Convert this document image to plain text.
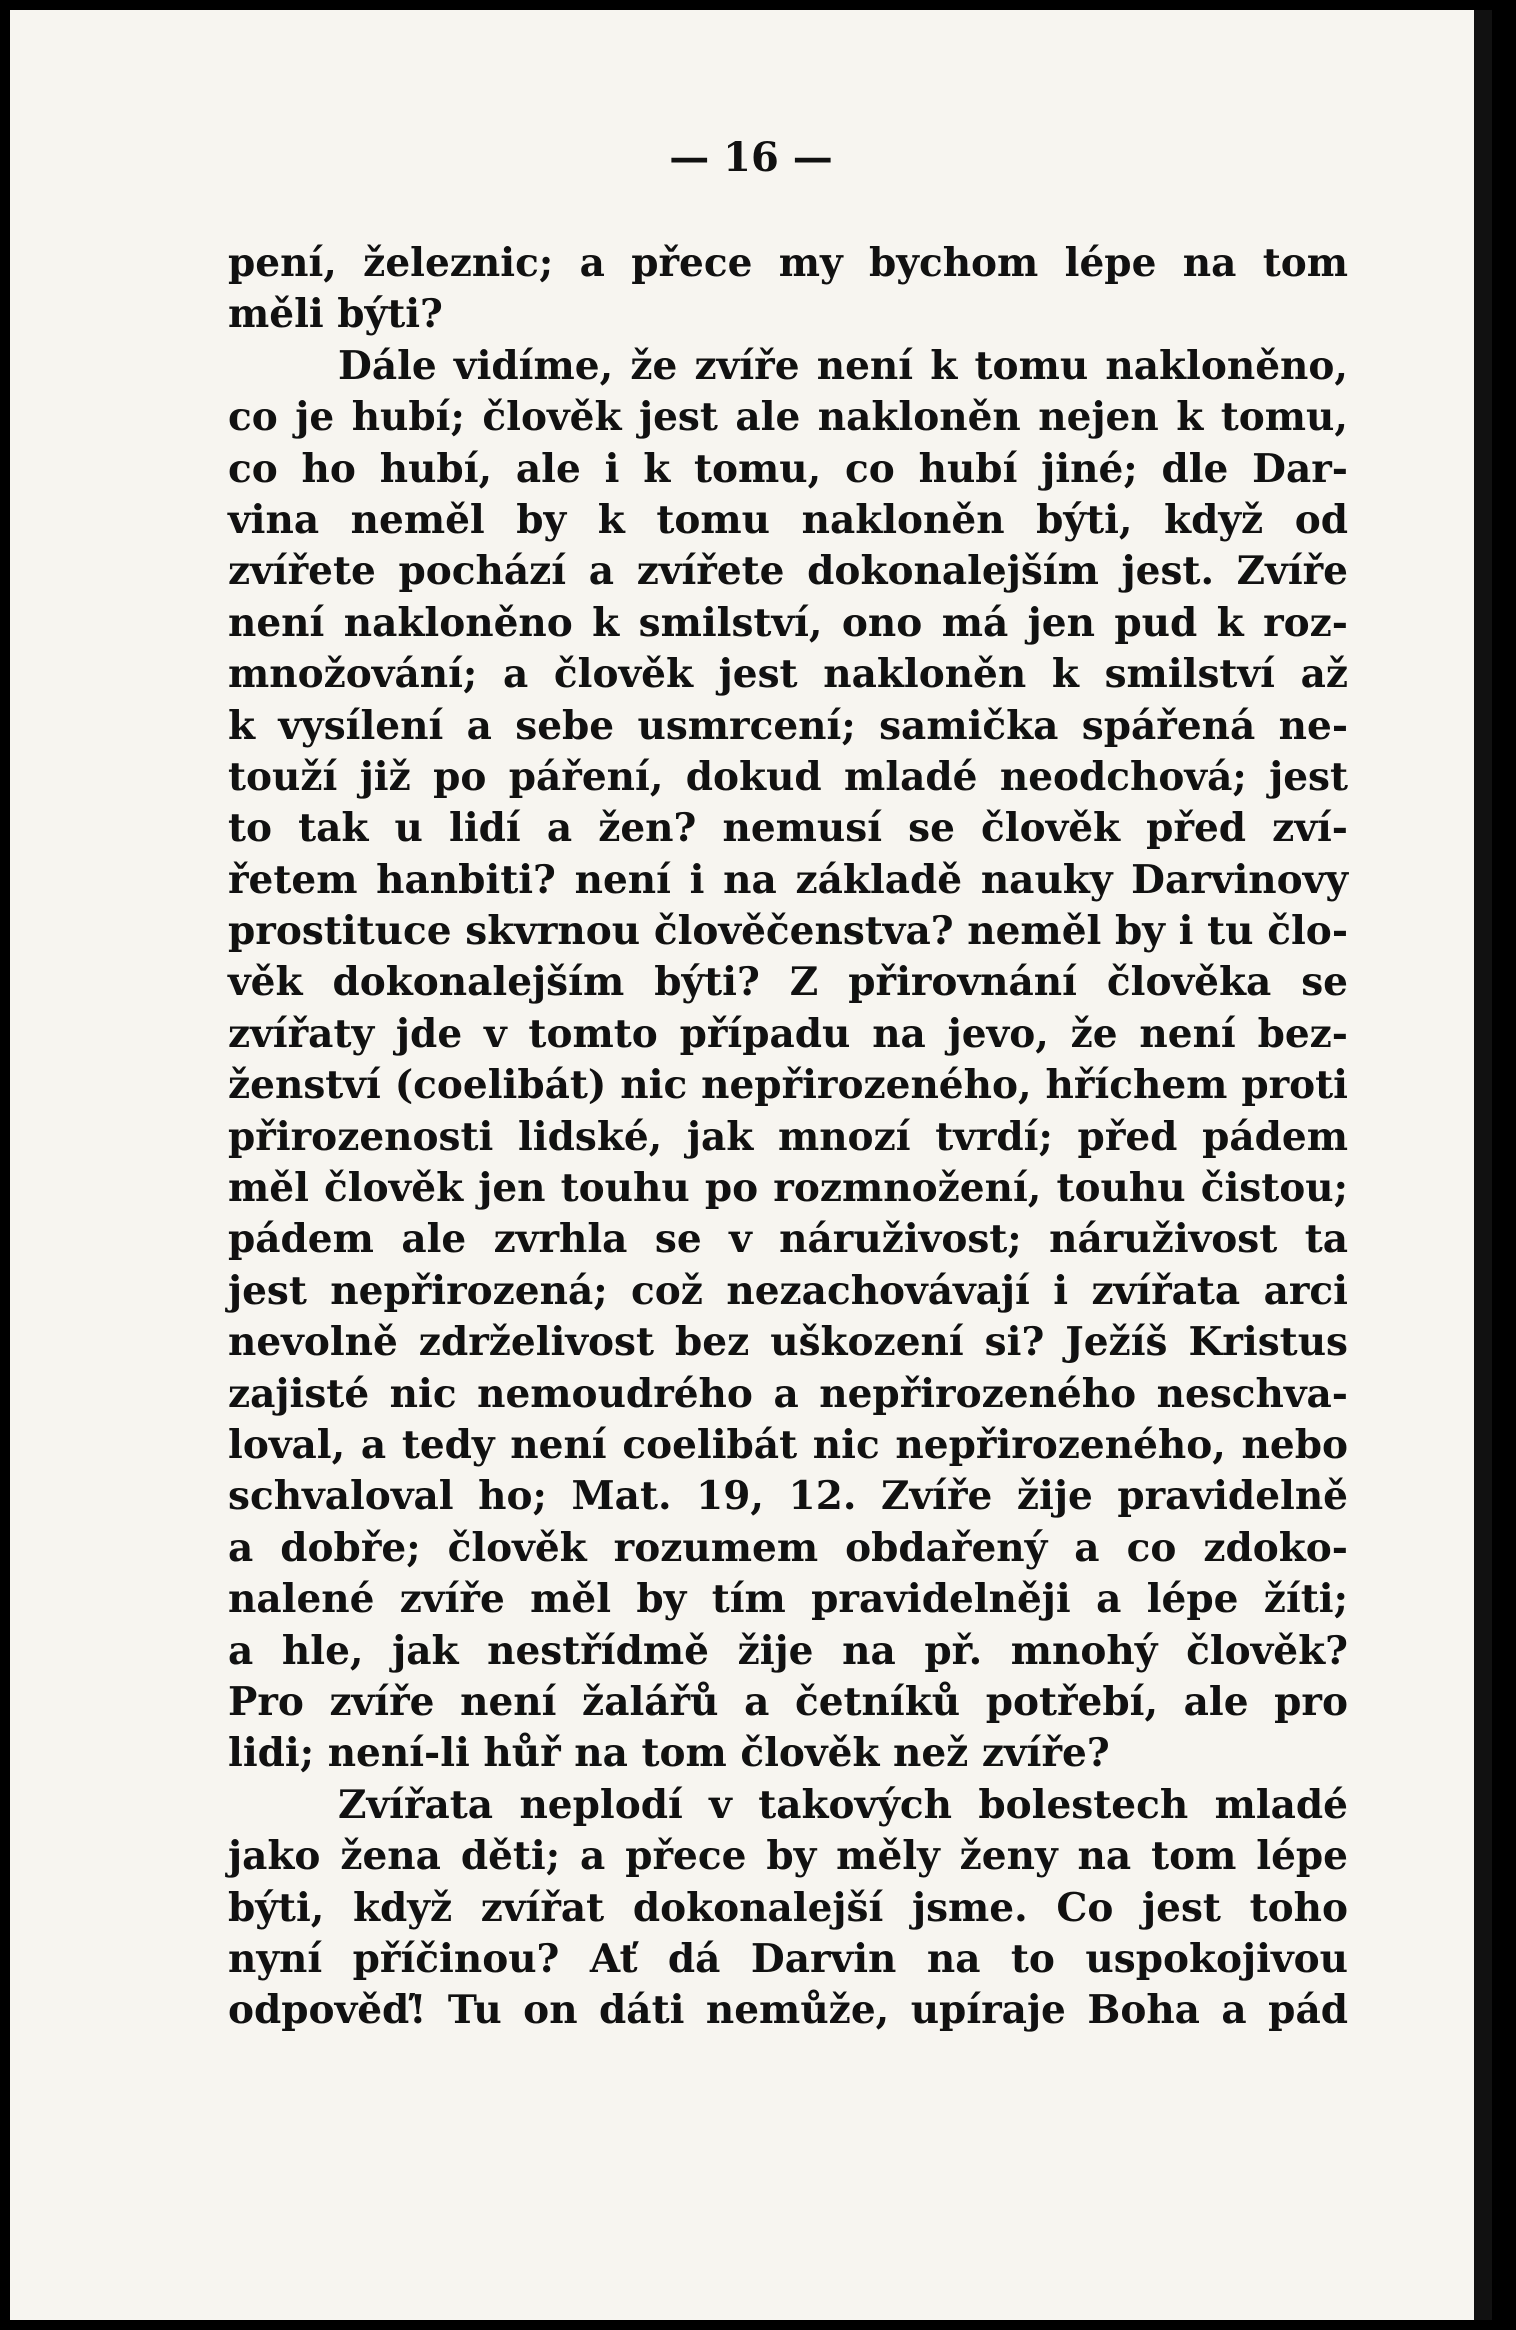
— 16 —
pení, železnic; a přece my bychom lépe na tom
měli býti?
Dále vidíme, že zvíře není k tomu nakloněno,
co je hubí; člověk jest ale nakloněn nejen k tomu,
co ho hubí, ale i k tomu, co hubí jiné; dle Dar-
vina neměl by k tomu nakloněn býti, když od
zvířete pochází a zvířete dokonalejším jest. Zvíře
není nakloněno k smilství, ono má jen pud k roz-
množování; a člověk jest nakloněn k smilství až
k vysílení a sebe usmrcení; samička spářená ne-
touží již po páření, dokud mladé neodchová; jest
to tak u lidí a žen? nemusí se člověk před zví-
řetem hanbiti? není i na základě nauky Darvinovy
prostituce skvrnou člověčenstva? neměl by i tu člo-
věk dokonalejším býti? Z přirovnání člověka se
zvířaty jde v tomto případu na jevo, že není bez-
ženství (coelibát) nic nepřirozeného, hříchem proti
přirozenosti lidské, jak mnozí tvrdí; před pádem
měl člověk jen touhu po rozmnožení, touhu čistou;
pádem ale zvrhla se v náruživost; náruživost ta
jest nepřirozená; což nezachovávají i zvířata arci
nevolně zdrželivost bez uškození si? Ježíš Kristus
zajisté nic nemoudrého a nepřirozeného neschva-
loval, a tedy není coelibát nic nepřirozeného, nebo
schvaloval ho; Mat. 19, 12. Zvíře žije pravidelně
a dobře; člověk rozumem obdařený a co zdoko-
nalené zvíře měl by tím pravidelněji a lépe žíti;
a hle, jak nestřídmě žije na př. mnohý člověk?
Pro zvíře není žalářů a četníků potřebí, ale pro
lidi; není-li hůř na tom člověk než zvíře?
Zvířata neplodí v takových bolestech mladé
jako žena děti; a přece by měly ženy na tom lépe
býti, když zvířat dokonalejší jsme. Co jest toho
nyní příčinou? Ať dá Darvin na to uspokojivou
odpověď! Tu on dáti nemůže, upíraje Boha a pád
